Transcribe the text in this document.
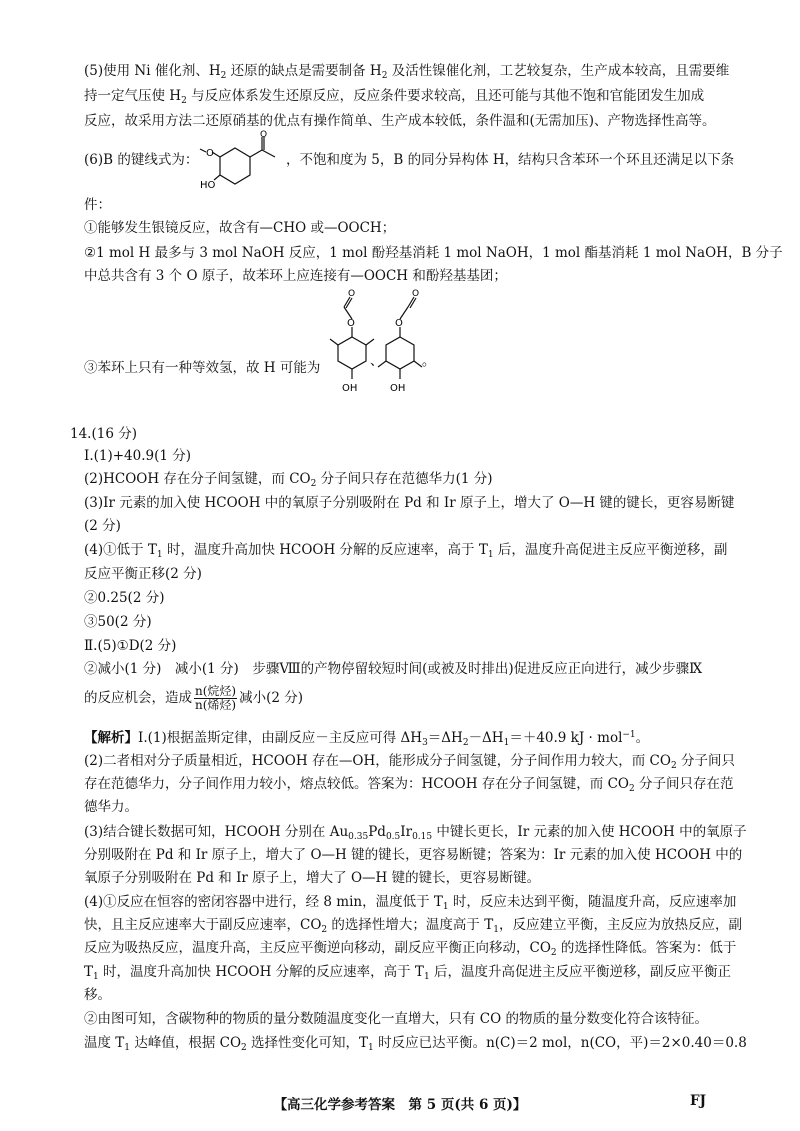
(5)使用 Ni 催化剂、$H_2$ 还原的缺点是需要制备 $H_2$ 及活性镍催化剂，工艺较复杂，生产成本较高，且需要维
持一定气压使 $H_2$ 与反应体系发生还原反应，反应条件要求较高，且还可能与其他不饱和官能团发生加成
反应，故采用方法二还原硝基的优点有操作简单、生产成本较低，条件温和(无需加压)、产物选择性高等。
(6)B 的键线式为： O
O
HO
，不饱和度为 5，B 的同分异构体 H，结构只含苯环一个环且还满足以下条
件：
①能够发生银镜反应，故含有—CHO 或—OOCH；
②1 mol H 最多与 3 mol NaOH 反应，1 mol 酚羟基消耗 1 mol NaOH，1 mol 酯基消耗 1 mol NaOH，B 分子
中总共含有 3 个 O 原子，故苯环上应连接有—OOCH 和酚羟基基团；
③苯环上只有一种等效氢，故 H 可能为
O
O
OH
O
O
OH
、	。
14.(16 分)
Ⅰ.(1)+40.9(1 分)
(2)HCOOH 存在分子间氢键，而 $CO_2$ 分子间只存在范德华力(1 分)
(3)Ir 元素的加入使 HCOOH 中的氧原子分别吸附在 Pd 和 Ir 原子上，增大了 O—H 键的键长，更容易断键
(2 分)
(4)①低于 $T_1$ 时，温度升高加快 HCOOH 分解的反应速率，高于 $T_1$ 后，温度升高促进主反应平衡逆移，副
反应平衡正移(2 分)
②0.25(2 分)
③50(2 分)
Ⅱ.(5)①D(2 分)
②减小(1 分)　减小(1 分)　步骤Ⅷ的产物停留较短时间(或被及时排出)促进反应正向进行，减少步骤Ⅸ
的反应机会，造成 $\frac{\text{n(烷烃)}}{\text{n(烯烃)}}$ 减小(2 分)
【解析】Ⅰ.(1)根据盖斯定律，由副反应－主反应可得 $\Delta H_3=\Delta H_2-\Delta H_1=+40.9$ kJ · mol$^{-1}$。
(2)二者相对分子质量相近，HCOOH 存在—OH，能形成分子间氢键，分子间作用力较大，而 $CO_2$ 分子间只
存在范德华力，分子间作用力较小，熔点较低。答案为：HCOOH 存在分子间氢键，而 $CO_2$ 分子间只存在范
德华力。
(3)结合键长数据可知，HCOOH 分别在 $Au_{0.35}Pd_{0.5}Ir_{0.15}$ 中键长更长，Ir 元素的加入使 HCOOH 中的氧原子
分别吸附在 Pd 和 Ir 原子上，增大了 O—H 键的键长，更容易断键；答案为：Ir 元素的加入使 HCOOH 中的
氧原子分别吸附在 Pd 和 Ir 原子上，增大了 O—H 键的键长，更容易断键。
(4)①反应在恒容的密闭容器中进行，经 8 min，温度低于 $T_1$ 时，反应未达到平衡，随温度升高，反应速率加
快，且主反应速率大于副反应速率，$CO_2$ 的选择性增大；温度高于 $T_1$，反应建立平衡，主反应为放热反应，副
反应为吸热反应，温度升高，主反应平衡逆向移动，副反应平衡正向移动，$CO_2$ 的选择性降低。答案为：低于
$T_1$ 时，温度升高加快 HCOOH 分解的反应速率，高于 $T_1$ 后，温度升高促进主反应平衡逆移，副反应平衡正
移。
②由图可知，含碳物种的物质的量分数随温度变化一直增大，只有 CO 的物质的量分数变化符合该特征。
温度 $T_1$ 达峰值，根据 $CO_2$ 选择性变化可知，$T_1$ 时反应已达平衡。n(C)＝2 mol，n(CO，平)＝2×0.40＝0.8
【高三化学参考答案　第 5 页(共 6 页)】	FJ
